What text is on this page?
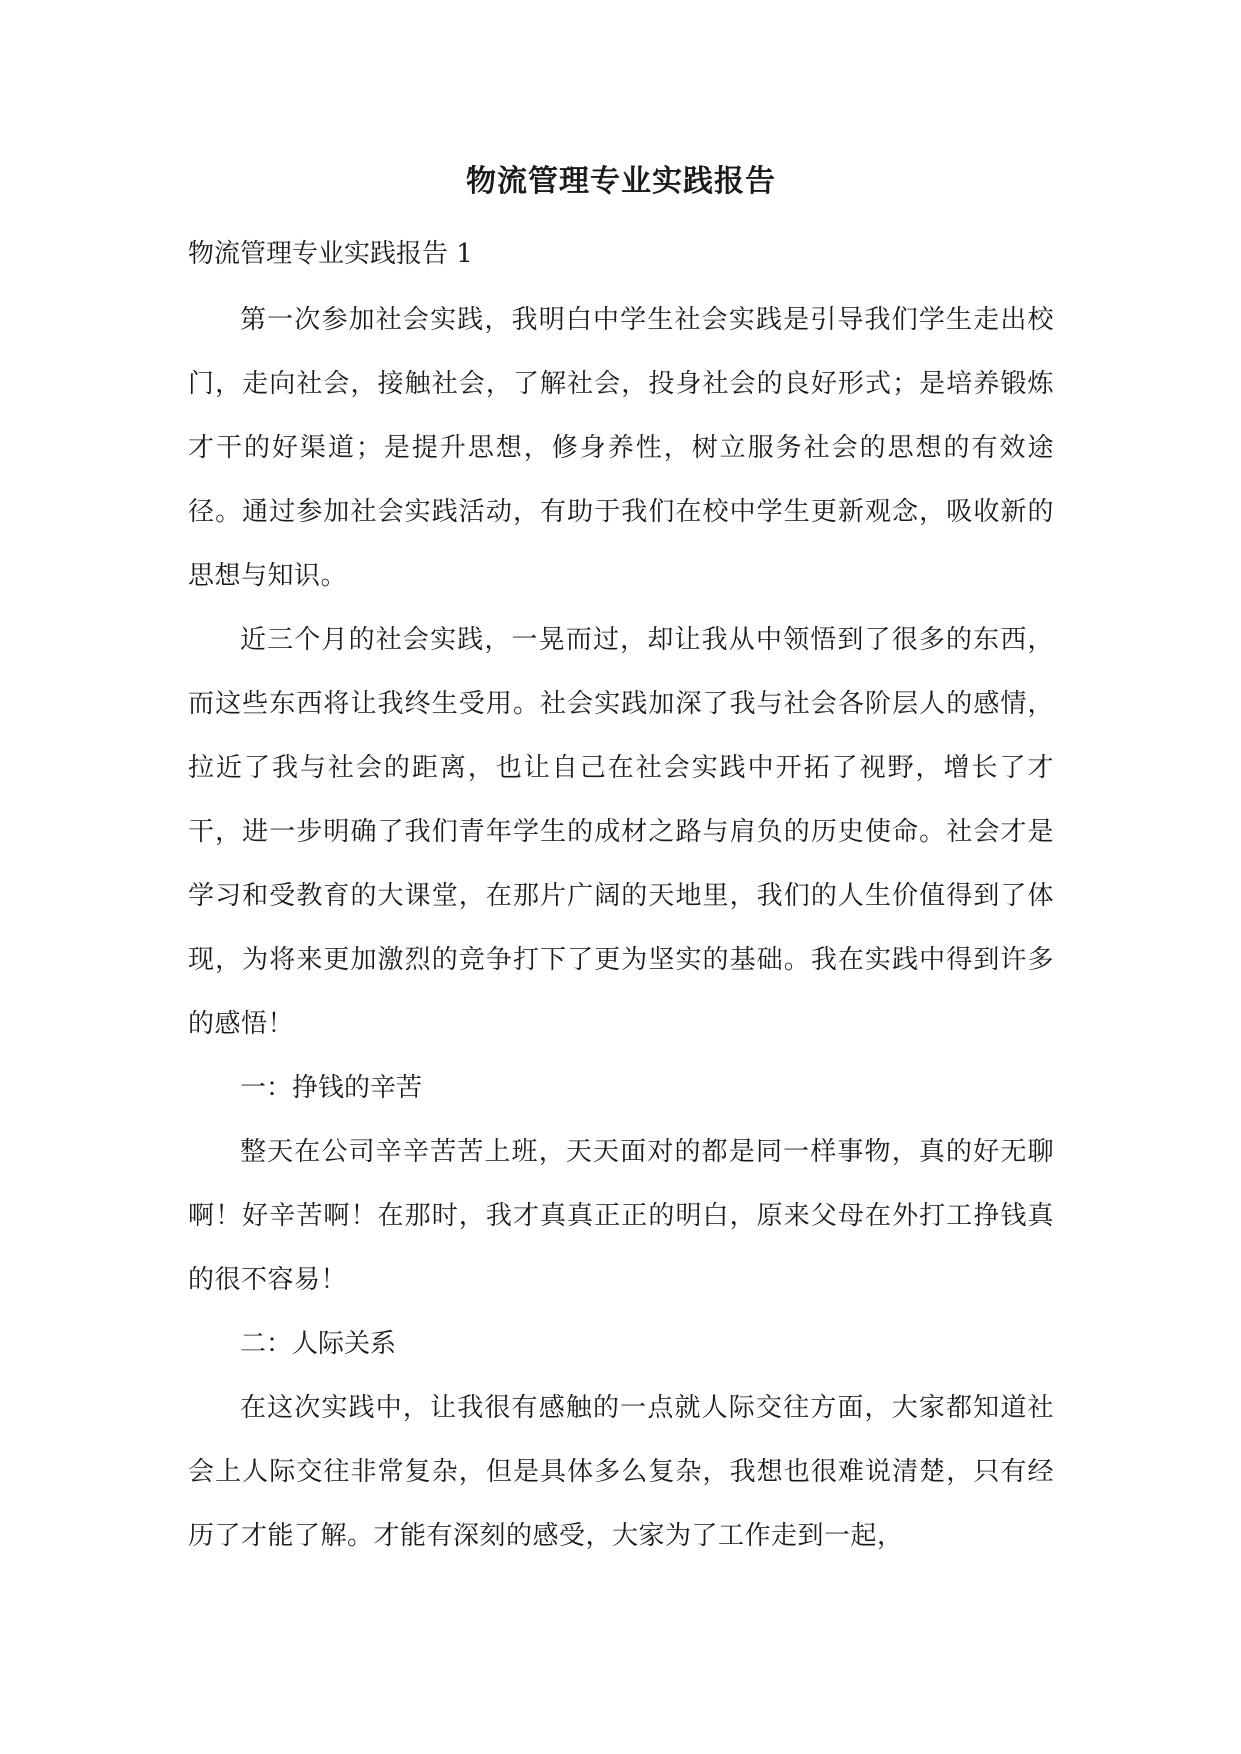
物流管理专业实践报告
物流管理专业实践报告 1

第一次参加社会实践，我明白中学生社会实践是引导我们学生走出校门，走向社会，接触社会，了解社会，投身社会的良好形式；是培养锻炼才干的好渠道；是提升思想，修身养性，树立服务社会的思想的有效途径。通过参加社会实践活动，有助于我们在校中学生更新观念，吸收新的思想与知识。

近三个月的社会实践，一晃而过，却让我从中领悟到了很多的东西，而这些东西将让我终生受用。社会实践加深了我与社会各阶层人的感情，拉近了我与社会的距离，也让自己在社会实践中开拓了视野，增长了才干，进一步明确了我们青年学生的成材之路与肩负的历史使命。社会才是学习和受教育的大课堂，在那片广阔的天地里，我们的人生价值得到了体现，为将来更加激烈的竞争打下了更为坚实的基础。我在实践中得到许多的感悟！

一：挣钱的辛苦

整天在公司辛辛苦苦上班，天天面对的都是同一样事物，真的好无聊啊！好辛苦啊！在那时，我才真真正正的明白，原来父母在外打工挣钱真的很不容易！

二：人际关系

在这次实践中，让我很有感触的一点就人际交往方面，大家都知道社会上人际交往非常复杂，但是具体多么复杂，我想也很难说清楚，只有经历了才能了解。才能有深刻的感受，大家为了工作走到一起，
